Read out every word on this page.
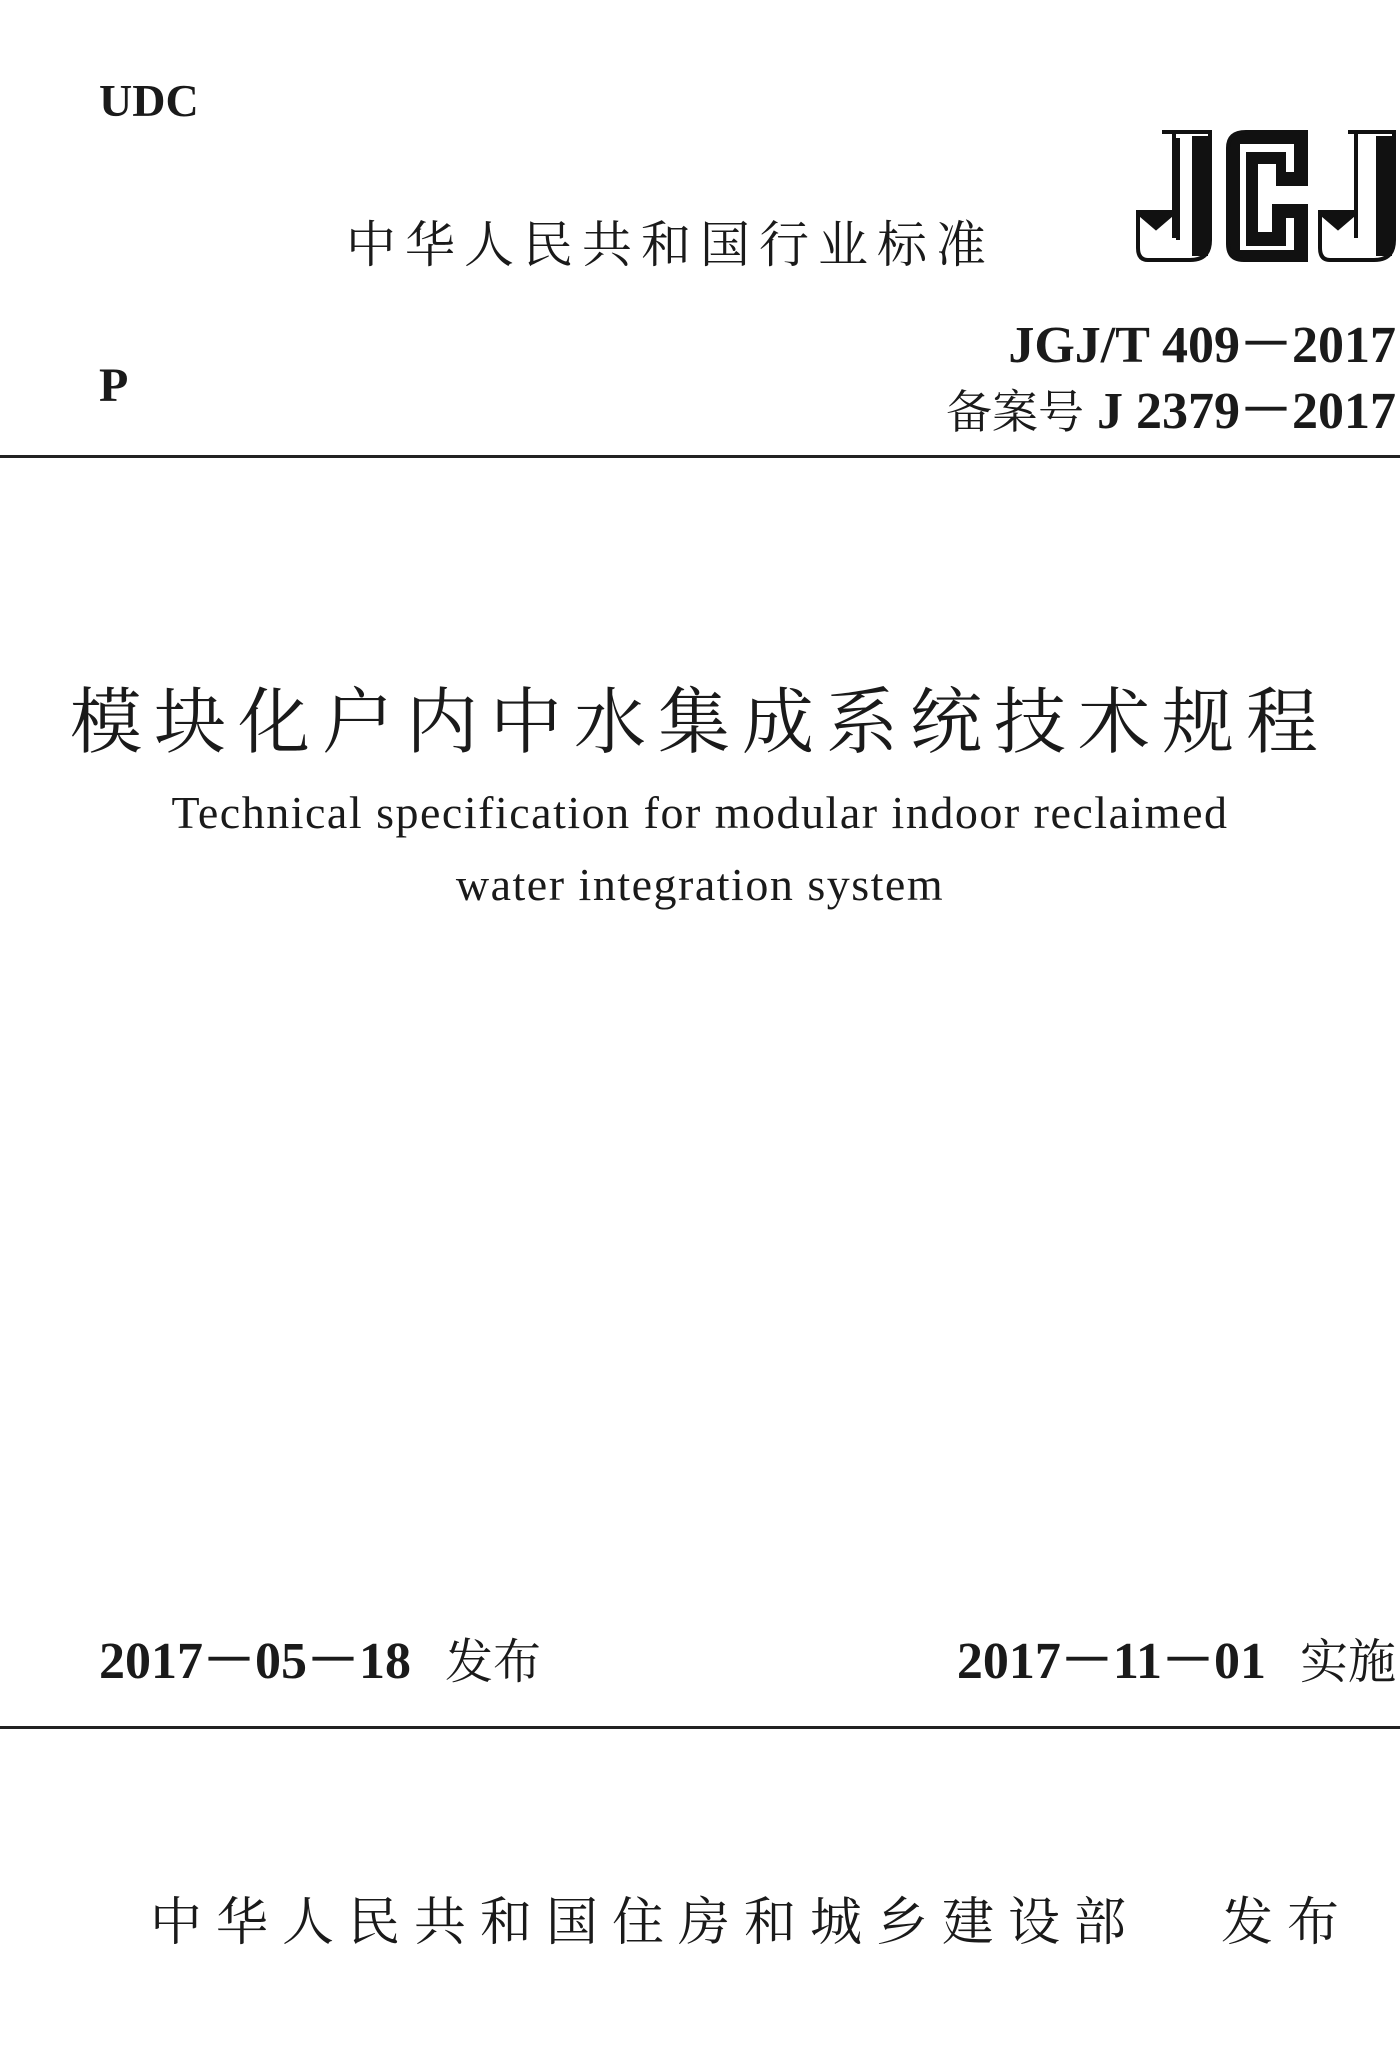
UDC
中华人民共和国行业标准
JGJ/T 409－2017
P	备案号 J 2379－2017
模块化户内中水集成系统技术规程
Technical specification for modular indoor reclaimed
water integration system
2017－05－18 发布	2017－11－01 实施
中华人民共和国住房和城乡建设部 发布
